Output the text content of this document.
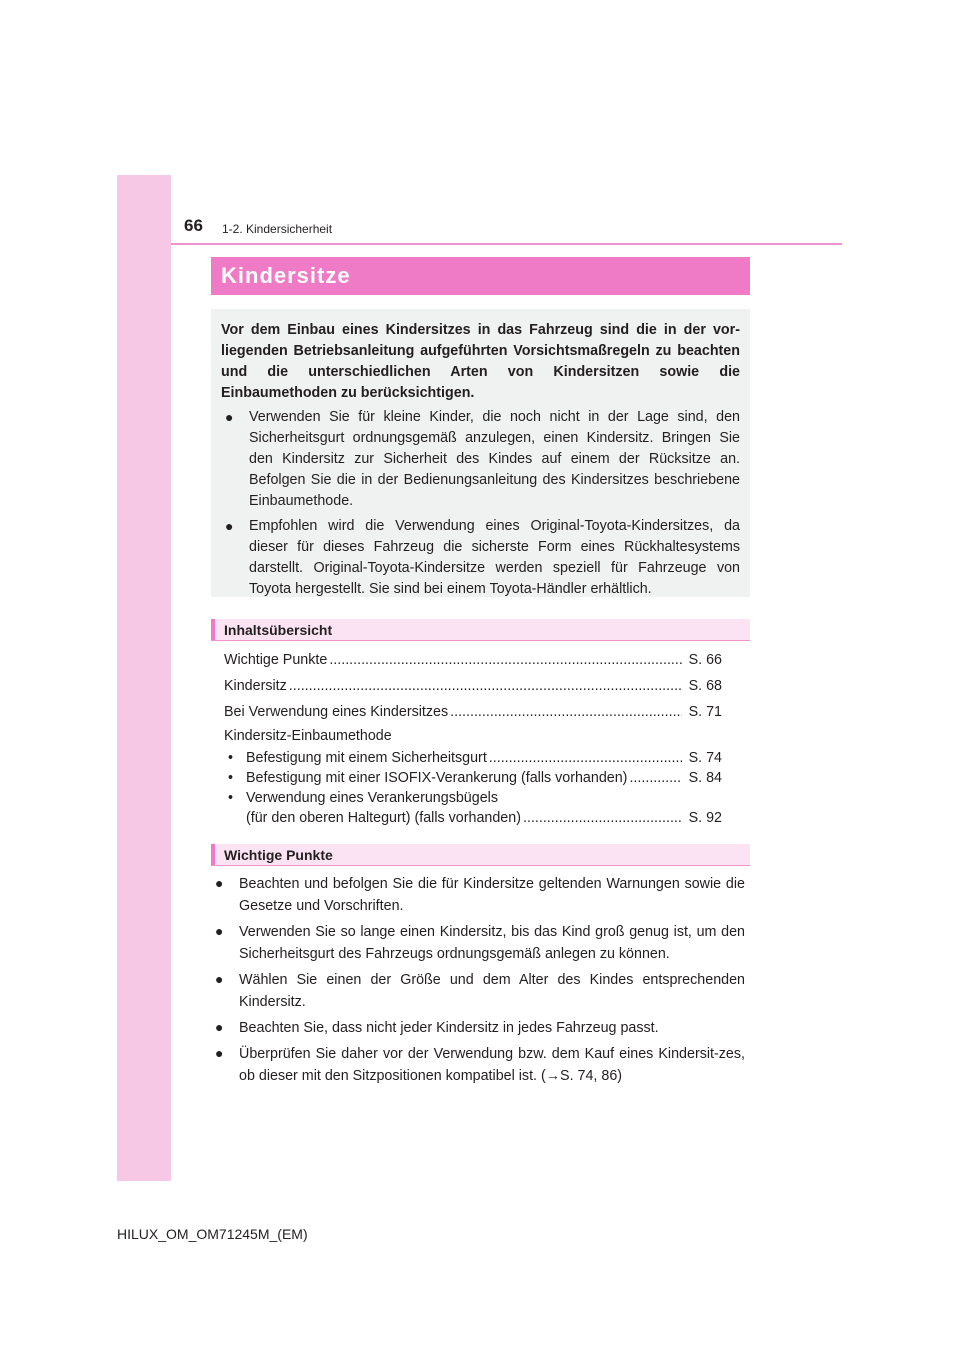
66 1-2. Kindersicherheit
Kindersitze

Vor dem Einbau eines Kindersitzes in das Fahrzeug sind die in der vor-liegenden Betriebsanleitung aufgeführten Vorsichtsmaßregeln zu beachten und die unterschiedlichen Arten von Kindersitzen sowie die Einbaumethoden zu berücksichtigen.

●	Verwenden Sie für kleine Kinder, die noch nicht in der Lage sind, den Sicherheitsgurt ordnungsgemäß anzulegen, einen Kindersitz. Bringen Sie den Kindersitz zur Sicherheit des Kindes auf einem der Rücksitze an. Befolgen Sie die in der Bedienungsanleitung des Kindersitzes beschriebene Einbaumethode.
●	Empfohlen wird die Verwendung eines Original-Toyota-Kindersitzes, da dieser für dieses Fahrzeug die sicherste Form eines Rückhaltesystems darstellt. Original-Toyota-Kindersitze werden speziell für Fahrzeuge von Toyota hergestellt. Sie sind bei einem Toyota-Händler erhältlich.
Inhaltsübersicht
Wichtige Punkte .....	S. 66
Kindersitz .....	S. 68
Bei Verwendung eines Kindersitzes .....	S. 71
Kindersitz-Einbaumethode
• Befestigung mit einem Sicherheitsgurt .....	S. 74
• Befestigung mit einer ISOFIX-Verankerung (falls vorhanden) .....	S. 84
• Verwendung eines Verankerungsbügels
(für den oberen Haltegurt) (falls vorhanden) .....	S. 92
Wichtige Punkte
●	Beachten und befolgen Sie die für Kindersitze geltenden Warnungen sowie die Gesetze und Vorschriften.
●	Verwenden Sie so lange einen Kindersitz, bis das Kind groß genug ist, um den Sicherheitsgurt des Fahrzeugs ordnungsgemäß anlegen zu können.
●	Wählen Sie einen der Größe und dem Alter des Kindes entsprechenden Kindersitz.
●	Beachten Sie, dass nicht jeder Kindersitz in jedes Fahrzeug passt.
●	Überprüfen Sie daher vor der Verwendung bzw. dem Kauf eines Kindersit-zes, ob dieser mit den Sitzpositionen kompatibel ist. (→S. 74, 86)
HILUX_OM_OM71245M_(EM)
